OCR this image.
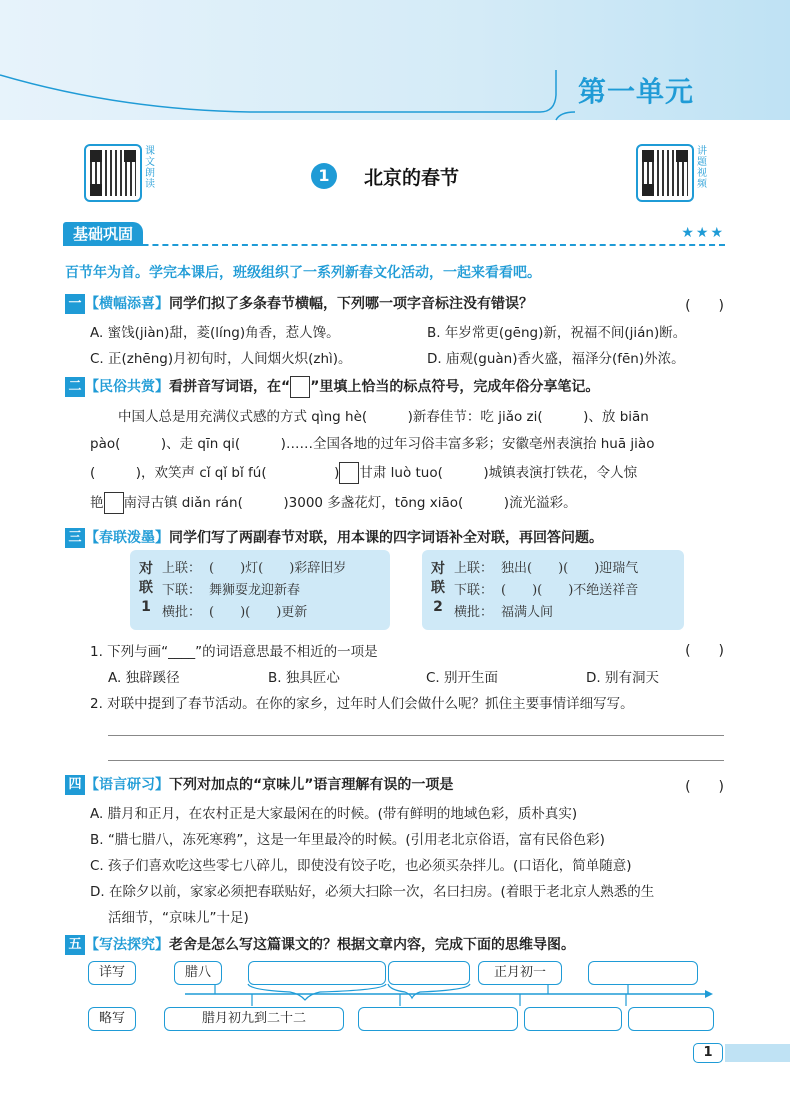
第一单元
课文朗读
讲题视频
1	北京的春节
基础巩固	★★★
百节年为首。学完本课后，班级组织了一系列新春文化活动，一起来看看吧。
一 【横幅添喜】同学们拟了多条春节横幅，下列哪一项字音标注没有错误？	(　　)
A. 蜜饯(jiàn)甜，菱(líng)角香，惹人馋。	B. 年岁常更(gēng)新，祝福不间(jián)断。
C. 正(zhēng)月初旬时，人间烟火炽(zhì)。	D. 庙观(guàn)香火盛，福泽分(fēn)外浓。
二 【民俗共赏】看拼音写词语，在“ ”里填上恰当的标点符号，完成年俗分享笔记。
中国人总是用充满仪式感的方式 qìng hè(　　　)新春佳节：吃 jiǎo zi(　　　)、放 biān
pào(　　　)、走 qīn qi(　　　)……全国各地的过年习俗丰富多彩；安徽亳州表演抬 huā jiào
(　　　)，欢笑声 cǐ qǐ bǐ fú(　　　　　) 甘肃 luò tuo(　　　)城镇表演打铁花，令人惊
艳 南浔古镇 diǎn rán(　　　)3000 多盏花灯，tōng xiāo(　　　)流光溢彩。
三 【春联泼墨】同学们写了两副春节对联，用本课的四字词语补全对联，再回答问题。
对联1
上联： (　　)灯(　　)彩辞旧岁
下联： 舞狮耍龙迎新春
横批： (　　)(　　)更新
对联2
上联： 独出(　　)(　　)迎瑞气
下联： (　　)(　　)不绝送祥音
横批： 福满人间
1. 下列与画“____”的词语意思最不相近的一项是	(　　)
A. 独辟蹊径	B. 独具匠心	C. 别开生面	D. 别有洞天
2. 对联中提到了春节活动。在你的家乡，过年时人们会做什么呢？抓住主要事情详细写写。
四 【语言研习】下列对加点的“京味儿”语言理解有误的一项是	(　　)
A. 腊月和正月，在农村正是大家最闲在的时候。(带有鲜明的地域色彩，质朴真实)
B. “腊七腊八，冻死寒鸦”，这是一年里最冷的时候。(引用老北京俗语，富有民俗色彩)
C. 孩子们喜欢吃这些零七八碎儿，即使没有饺子吃，也必须买杂拌儿。(口语化，简单随意)
D. 在除夕以前，家家必须把春联贴好，必须大扫除一次，名曰扫房。(着眼于老北京人熟悉的生
活细节，“京味儿”十足)
五 【写法探究】老舍是怎么写这篇课文的？根据文章内容，完成下面的思维导图。
详写
略写
腊八	正月初一
腊月初九到二十二
1
